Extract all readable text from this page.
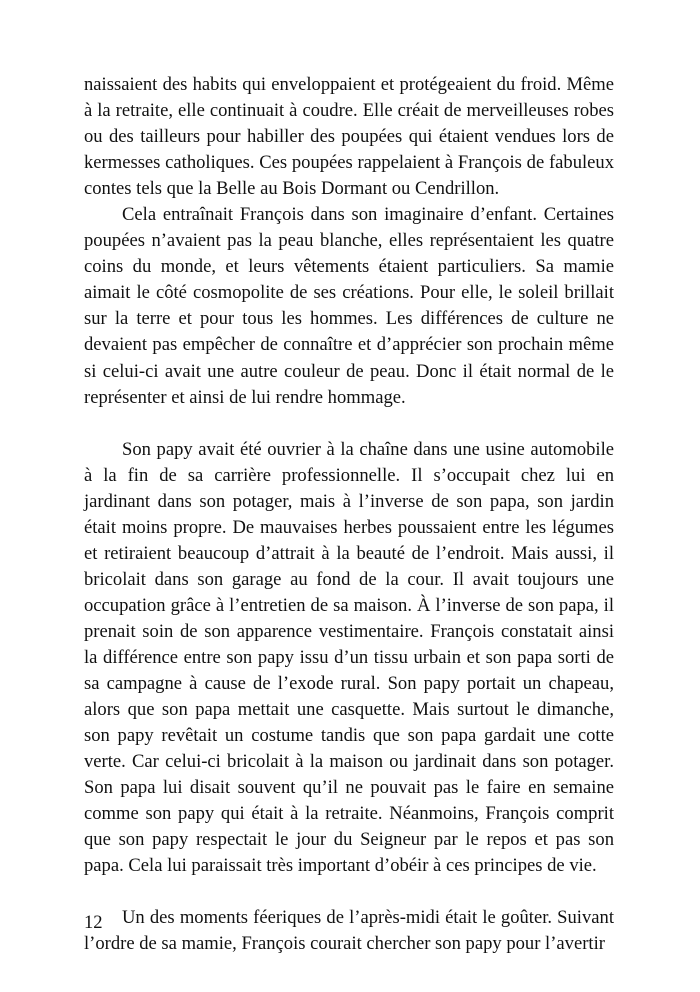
naissaient des habits qui enveloppaient et protégeaient du froid. Même à la retraite, elle continuait à coudre. Elle créait de merveilleuses robes ou des tailleurs pour habiller des poupées qui étaient vendues lors de kermesses catholiques. Ces poupées rappelaient à François de fabuleux contes tels que la Belle au Bois Dormant ou Cendrillon.

Cela entraînait François dans son imaginaire d’enfant. Certaines poupées n’avaient pas la peau blanche, elles représentaient les quatre coins du monde, et leurs vêtements étaient particuliers. Sa mamie aimait le côté cosmopolite de ses créations. Pour elle, le soleil brillait sur la terre et pour tous les hommes. Les différences de culture ne devaient pas empêcher de connaître et d’apprécier son prochain même si celui-ci avait une autre couleur de peau. Donc il était normal de le représenter et ainsi de lui rendre hommage.

Son papy avait été ouvrier à la chaîne dans une usine automobile à la fin de sa carrière professionnelle. Il s’occupait chez lui en jardinant dans son potager, mais à l’inverse de son papa, son jardin était moins propre. De mauvaises herbes poussaient entre les légumes et retiraient beaucoup d’attrait à la beauté de l’endroit. Mais aussi, il bricolait dans son garage au fond de la cour. Il avait toujours une occupation grâce à l’entretien de sa maison. À l’inverse de son papa, il prenait soin de son apparence vestimentaire. François constatait ainsi la différence entre son papy issu d’un tissu urbain et son papa sorti de sa campagne à cause de l’exode rural. Son papy portait un chapeau, alors que son papa mettait une casquette. Mais surtout le dimanche, son papy revêtait un costume tandis que son papa gardait une cotte verte. Car celui-ci bricolait à la maison ou jardinait dans son potager. Son papa lui disait souvent qu’il ne pouvait pas le faire en semaine comme son papy qui était à la retraite. Néanmoins, François comprit que son papy respectait le jour du Seigneur par le repos et pas son papa. Cela lui paraissait très important d’obéir à ces principes de vie.

Un des moments féeriques de l’après-midi était le goûter. Suivant l’ordre de sa mamie, François courait chercher son papy pour l’avertir

12
